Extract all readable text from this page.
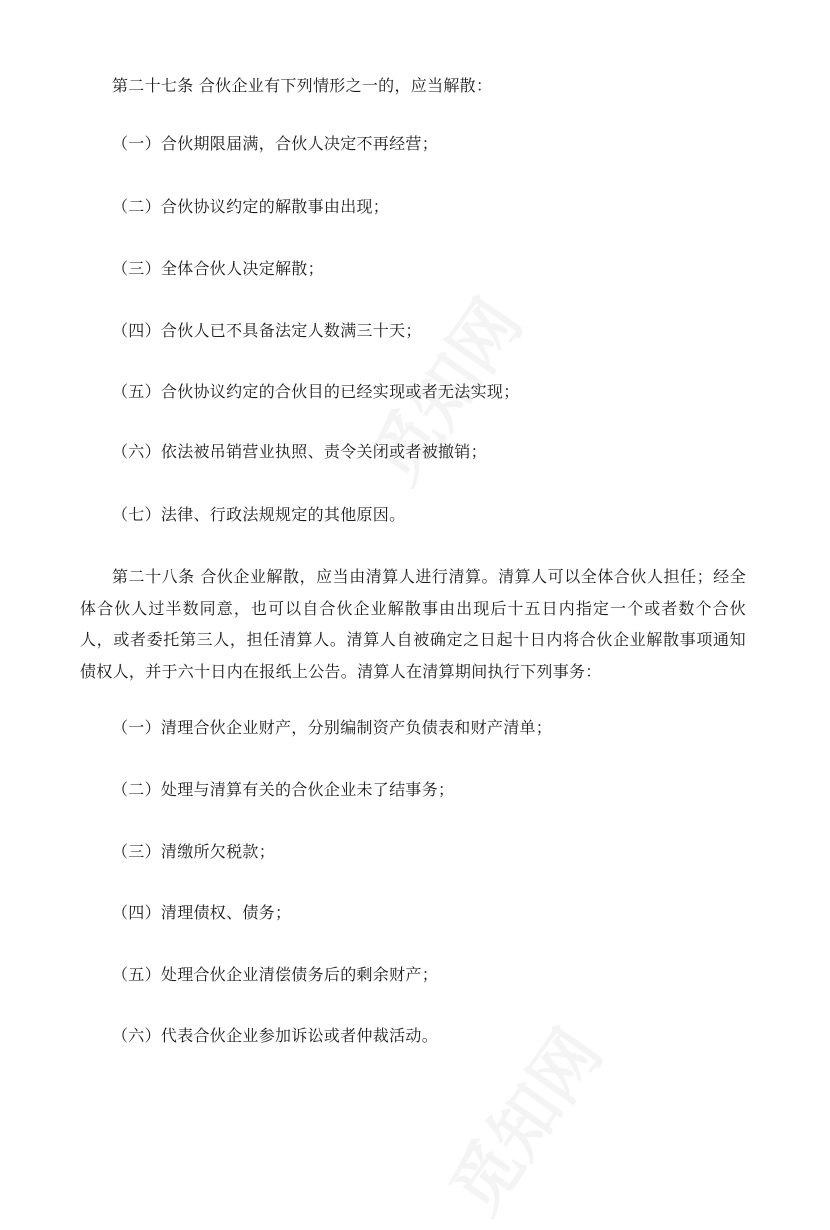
第二十七条 合伙企业有下列情形之一的，应当解散：
（一）合伙期限届满，合伙人决定不再经营；
（二）合伙协议约定的解散事由出现；
（三）全体合伙人决定解散；
（四）合伙人已不具备法定人数满三十天；
（五）合伙协议约定的合伙目的已经实现或者无法实现；
（六）依法被吊销营业执照、责令关闭或者被撤销；
（七）法律、行政法规规定的其他原因。
第二十八条 合伙企业解散，应当由清算人进行清算。清算人可以全体合伙人担任；经全体合伙人过半数同意，也可以自合伙企业解散事由出现后十五日内指定一个或者数个合伙人，或者委托第三人，担任清算人。清算人自被确定之日起十日内将合伙企业解散事项通知债权人，并于六十日内在报纸上公告。清算人在清算期间执行下列事务：
（一）清理合伙企业财产，分别编制资产负债表和财产清单；
（二）处理与清算有关的合伙企业未了结事务；
（三）清缴所欠税款；
（四）清理债权、债务；
（五）处理合伙企业清偿债务后的剩余财产；
（六）代表合伙企业参加诉讼或者仲裁活动。
